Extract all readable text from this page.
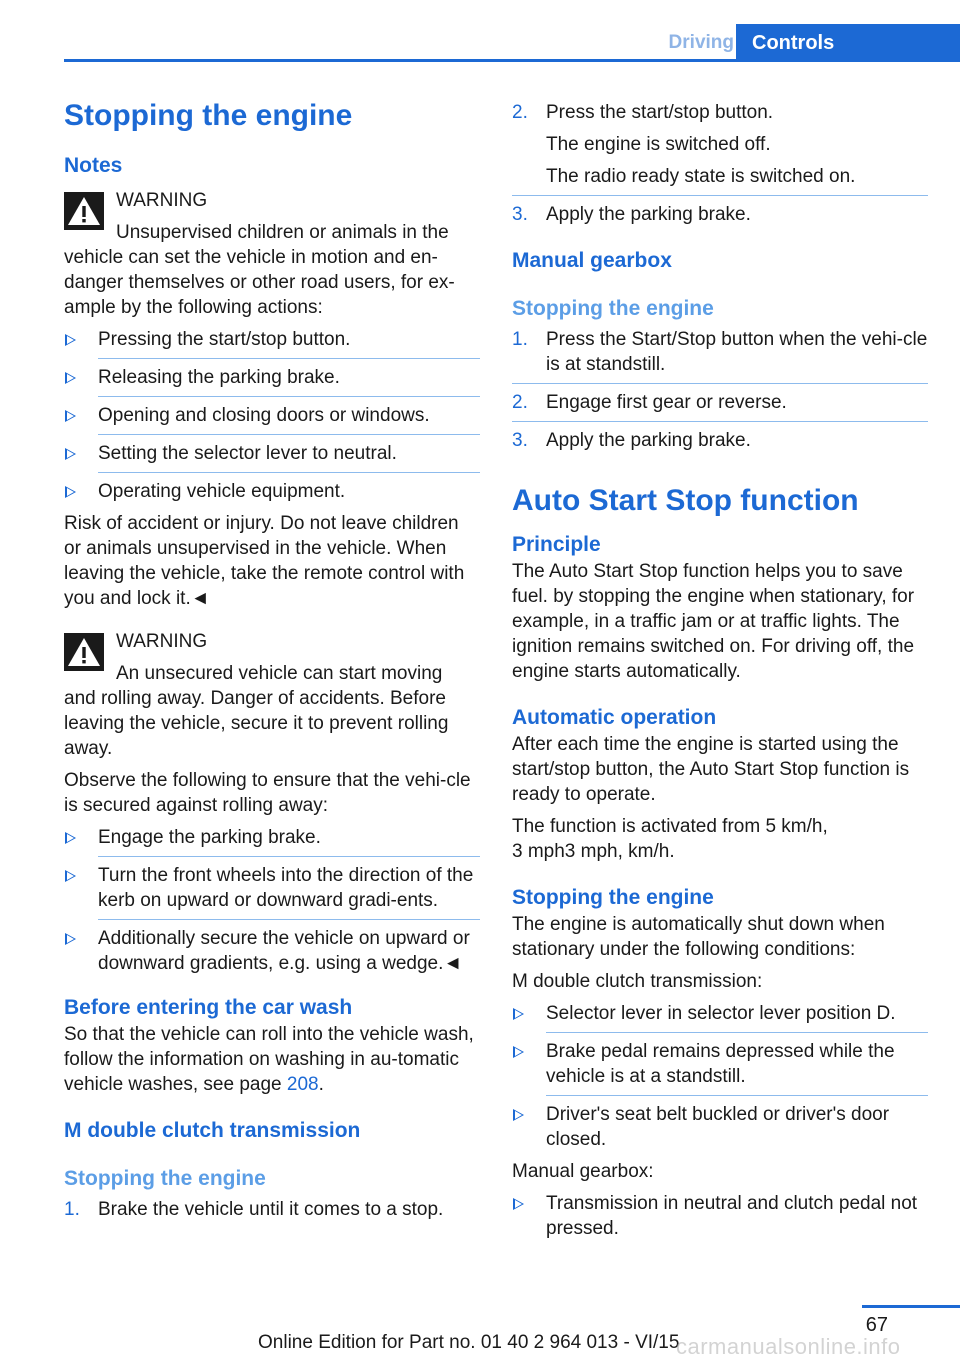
Driving Controls
Stopping the engine
Notes

WARNING

Unsupervised children or animals in the

vehicle can set the vehicle in motion and en-danger themselves or other road users, for ex-ample by the following actions:

Pressing the start/stop button.
Releasing the parking brake.
Opening and closing doors or windows.
Setting the selector lever to neutral.
Operating vehicle equipment.

Risk of accident or injury. Do not leave children or animals unsupervised in the vehicle. When leaving the vehicle, take the remote control with you and lock it.◄

WARNING

An unsecured vehicle can start moving

and rolling away. Danger of accidents. Before leaving the vehicle, secure it to prevent rolling away.

Observe the following to ensure that the vehi-cle is secured against rolling away:

Engage the parking brake.
Turn the front wheels into the direction of the kerb on upward or downward gradi-ents.
Additionally secure the vehicle on upward or downward gradients, e.g. using a wedge.◄
Before entering the car wash

So that the vehicle can roll into the vehicle wash, follow the information on washing in au-tomatic vehicle washes, see page 208.

M double clutch transmission
Stopping the engine
1. Brake the vehicle until it comes to a stop.
2. Press the start/stop button.
The engine is switched off.
The radio ready state is switched on.
3. Apply the parking brake.
Manual gearbox
Stopping the engine
1. Press the Start/Stop button when the vehi-cle is at standstill.
2. Engage first gear or reverse.
3. Apply the parking brake.
Auto Start Stop function
Principle

The Auto Start Stop function helps you to save fuel. by stopping the engine when stationary, for example, in a traffic jam or at traffic lights. The ignition remains switched on. For driving off, the engine starts automatically.

Automatic operation

After each time the engine is started using the start/stop button, the Auto Start Stop function is ready to operate.

The function is activated from 5 km/h,
3 mph3 mph, km/h.

Stopping the engine

The engine is automatically shut down when stationary under the following conditions:

M double clutch transmission:

Selector lever in selector lever position D.
Brake pedal remains depressed while the vehicle is at a standstill.
Driver's seat belt buckled or driver's door closed.

Manual gearbox:

Transmission in neutral and clutch pedal not pressed.
67
Online Edition for Part no. 01 40 2 964 013 - VI/15
carmanualsonline.info
